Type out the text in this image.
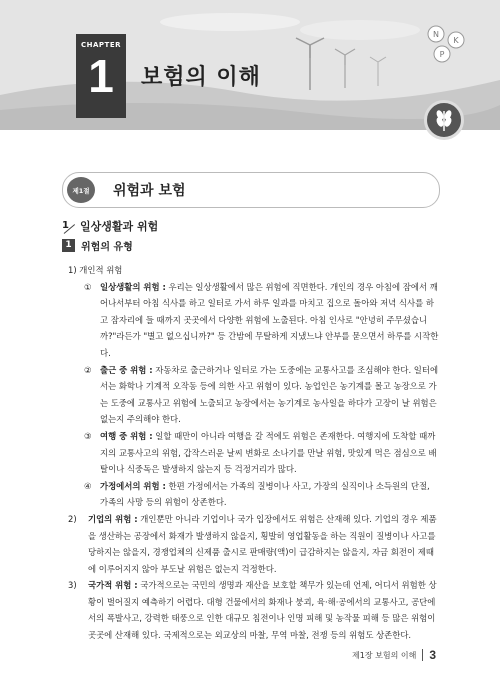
CHAPTER
1	보험의 이해
N
K
P
제1절	위험과 보험
1	일상생활과 위험
1 위험의 유형

1) 개인적 위험

① 일상생활의 위험 : 우리는 일상생활에서 많은 위험에 직면한다. 개인의 경우 아침에 잠에서 깨어나서부터 아침 식사를 하고 일터로 가서 하루 일과를 마치고 집으로 돌아와 저녁 식사를 하고 잠자리에 들 때까지 곳곳에서 다양한 위험에 노출된다. 아침 인사로 "안녕히 주무셨습니까?"라든가 "별고 없으십니까?" 등 간밤에 무탈하게 지냈느냐 안부를 묻으면서 하루를 시작한다.

② 출근 중 위험 : 자동차로 출근하거나 일터로 가는 도중에는 교통사고를 조심해야 한다. 일터에서는 화학나 기계적 오작동 등에 의한 사고 위험이 있다. 농업인은 농기계를 몰고 농장으로 가는 도중에 교통사고 위험에 노출되고 농장에서는 농기계로 농사일을 하다가 고장이 날 위험은 없는지 주의해야 한다.

③ 여행 중 위험 : 일할 때만이 아니라 여행을 갈 적에도 위험은 존재한다. 여행지에 도착할 때까지의 교통사고의 위험, 갑작스러운 날씨 변화로 소나기를 만날 위험, 맛있게 먹은 점심으로 배탈이나 식중독은 발생하지 않는지 등 걱정거리가 많다.

④ 가정에서의 위험 : 한편 가정에서는 가족의 질병이나 사고, 가장의 실직이나 소득원의 단절, 가족의 사망 등의 위험이 상존한다.

2) 기업의 위험 : 개인뿐만 아니라 기업이나 국가 입장에서도 위험은 산재해 있다. 기업의 경우 제품을 생산하는 공장에서 화재가 발생하지 않을지, 횡발히 영업활동을 하는 직원이 질병이나 사고를 당하지는 않을지, 경쟁업체의 신제품 출시로 판매량(액)이 급감하지는 않을지, 자금 회전이 제때에 이루어지지 않아 부도날 위험은 없는지 걱정한다.

3) 국가적 위험 : 국가적으로는 국민의 생명과 재산을 보호할 책무가 있는데 언제, 어디서 위험한 상황이 벌어질지 예측하기 어렵다. 대형 건물에서의 화재나 붕괴, 육·해·공에서의 교통사고, 공단에서의 폭발사고, 강력한 태풍으로 인한 대규모 침전이나 인명 피해 및 농작물 피해 등 많은 위험이 곳곳에 산재해 있다. 국제적으로는 외교상의 마찰, 무역 마찰, 전쟁 등의 위험도 상존한다.

제1장 보험의 이해 3
